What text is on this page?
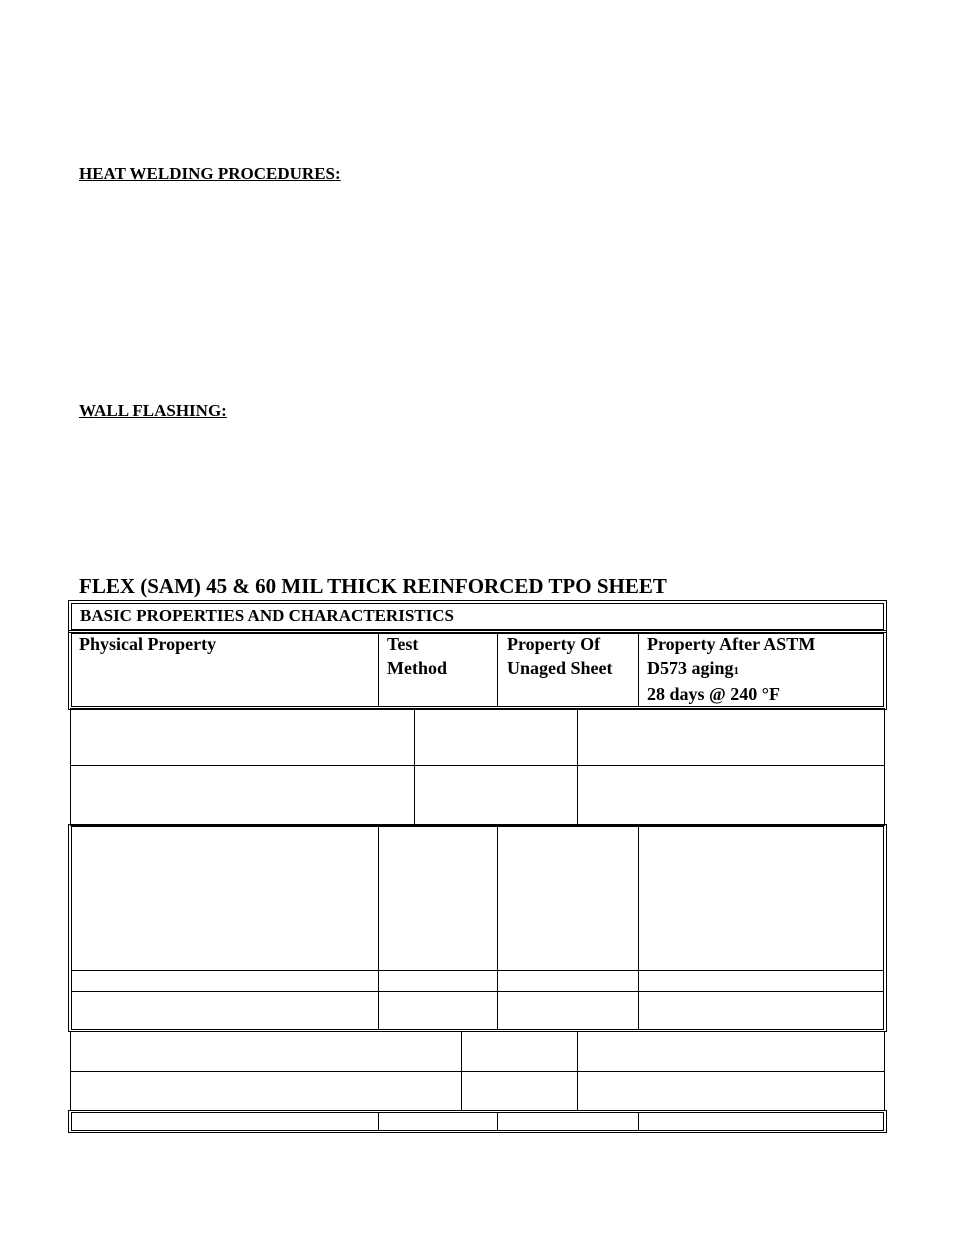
HEAT WELDING PROCEDURES:
WALL FLASHING:
FLEX (SAM) 45 & 60 MIL THICK REINFORCED TPO SHEET
BASIC PROPERTIES AND CHARACTERISTICS
Physical Property	Test
Method
Property Of
Unaged Sheet
Property After ASTM
D573 aging1
28 days @ 240 °F
